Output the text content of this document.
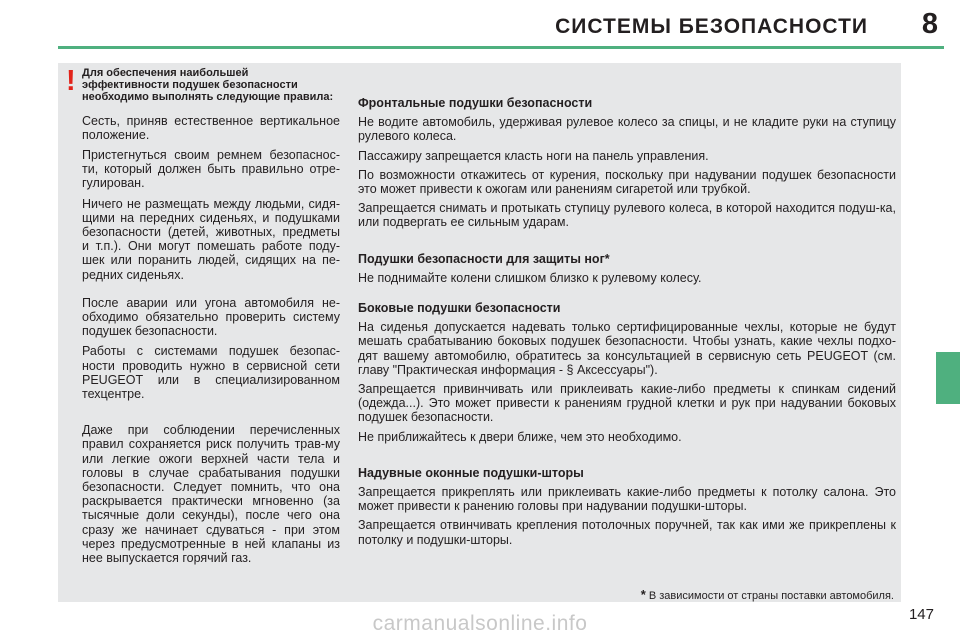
СИСТЕМЫ БЕЗОПАСНОСТИ 8
! Для обеспечения наибольшей эффективности подушек безопасности необходимо выполнять следующие правила:

Сесть, приняв естественное вертикальное положение.

Пристегнуться своим ремнем безопаснос-ти, который должен быть правильно отре-гулирован.

Ничего не размещать между людьми, сидя-щими на передних сиденьях, и подушками безопасности (детей, животных, предметы и т.п.). Они могут помешать работе поду-шек или поранить людей, сидящих на пе-редних сиденьях.

После аварии или угона автомобиля не-обходимо обязательно проверить систему подушек безопасности.

Работы с системами подушек безопас-ности проводить нужно в сервисной сети PEUGEOT или в специализированном техцентре.

Даже при соблюдении перечисленных правил сохраняется риск получить трав-му или легкие ожоги верхней части тела и головы в случае срабатывания подушки безопасности. Следует помнить, что она раскрывается практически мгновенно (за тысячные доли секунды), после чего она сразу же начинает сдуваться - при этом через предусмотренные в ней клапаны из нее выпускается горячий газ.

Фронтальные подушки безопасности

Не водите автомобиль, удерживая рулевое колесо за спицы, и не кладите руки на ступицу рулевого колеса.

Пассажиру запрещается класть ноги на панель управления.

По возможности откажитесь от курения, поскольку при надувании подушек безопасности это может привести к ожогам или ранениям сигаретой или трубкой.

Запрещается снимать и протыкать ступицу рулевого колеса, в которой находится подуш-ка, или подвергать ее сильным ударам.

Подушки безопасности для защиты ног*

Не поднимайте колени слишком близко к рулевому колесу.

Боковые подушки безопасности

На сиденья допускается надевать только сертифицированные чехлы, которые не будут мешать срабатыванию боковых подушек безопасности. Чтобы узнать, какие чехлы подхо-дят вашему автомобилю, обратитесь за консультацией в сервисную сеть PEUGEOT (см. главу "Практическая информация - § Аксессуары").

Запрещается привинчивать или приклеивать какие-либо предметы к спинкам сидений (одежда...). Это может привести к ранениям грудной клетки и рук при надувании боковых подушек безопасности.

Не приближайтесь к двери ближе, чем это необходимо.

Надувные оконные подушки-шторы

Запрещается прикреплять или приклеивать какие-либо предметы к потолку салона. Это может привести к ранению головы при надувании подушки-шторы.

Запрещается отвинчивать крепления потолочных поручней, так как ими же прикреплены к потолку и подушки-шторы.

* В зависимости от страны поставки автомобиля.
147
carmanualsonline.info
